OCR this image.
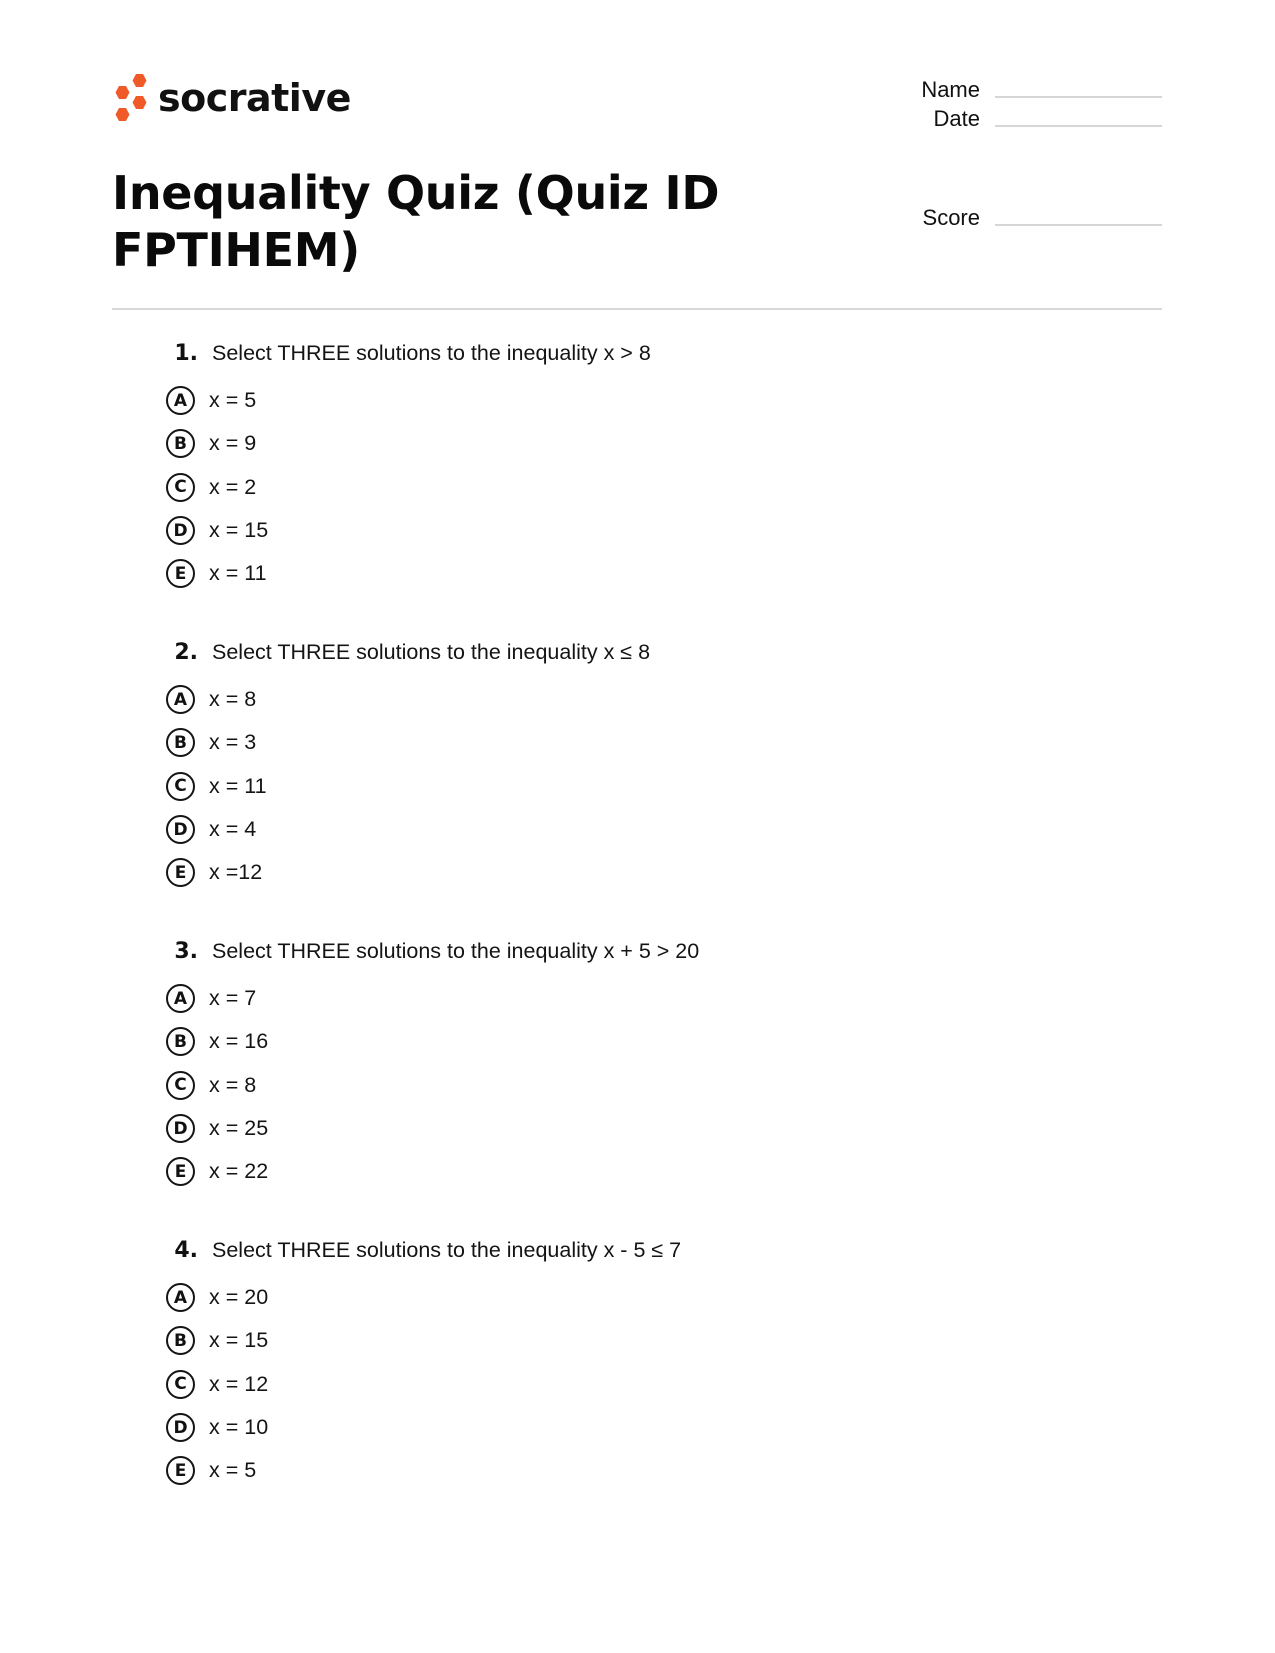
socrative
Inequality Quiz (Quiz ID FPTIHEM)
Name
Date
Score
1. Select THREE solutions to the inequality x > 8
A	x = 5
B	x = 9
C	x = 2
D x = 15
E	x = 11
2. Select THREE solutions to the inequality x ≤ 8
A	x = 8
B	x = 3
C	x = 11
D x = 4
E	x =12
3. Select THREE solutions to the inequality x + 5 > 20
A	x = 7
B	x = 16
C	x = 8
D x = 25
E	x = 22
4. Select THREE solutions to the inequality x - 5 ≤ 7
A	x = 20
B	x = 15
C	x = 12
D x = 10
E	x = 5
